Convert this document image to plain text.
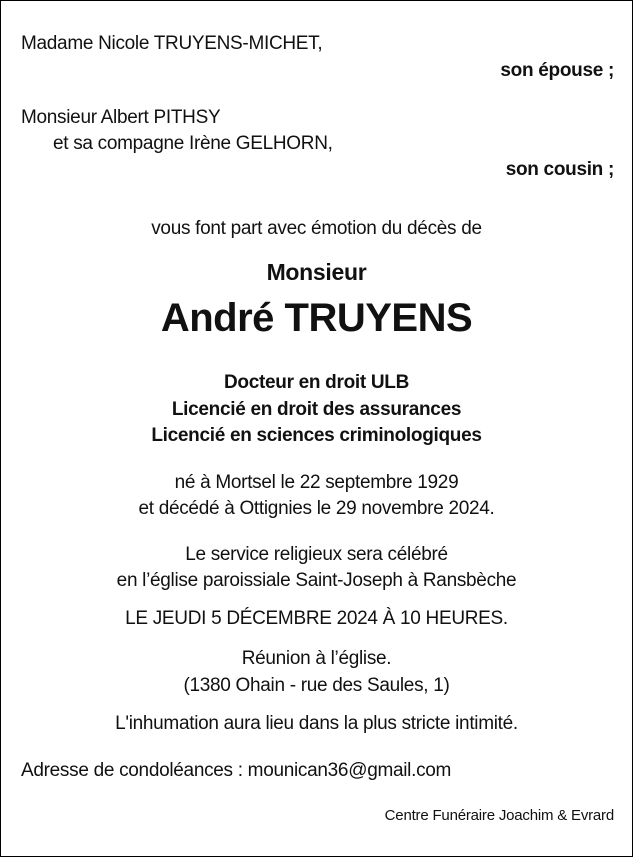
Madame Nicole TRUYENS-MICHET,
son épouse ;
Monsieur Albert PITHSY
et sa compagne Irène GELHORN,
son cousin ;
vous font part avec émotion du décès de
Monsieur
André TRUYENS
Docteur en droit ULB
Licencié en droit des assurances
Licencié en sciences criminologiques
né à Mortsel le 22 septembre 1929
et décédé à Ottignies le 29 novembre 2024.
Le service religieux sera célébré
en l’église paroissiale Saint-Joseph à Ransbèche
LE JEUDI 5 DÉCEMBRE 2024 À 10 HEURES.
Réunion à l’église.
(1380 Ohain - rue des Saules, 1)
L'inhumation aura lieu dans la plus stricte intimité.
Adresse de condoléances : mounican36@gmail.com
Centre Funéraire Joachim & Evrard
